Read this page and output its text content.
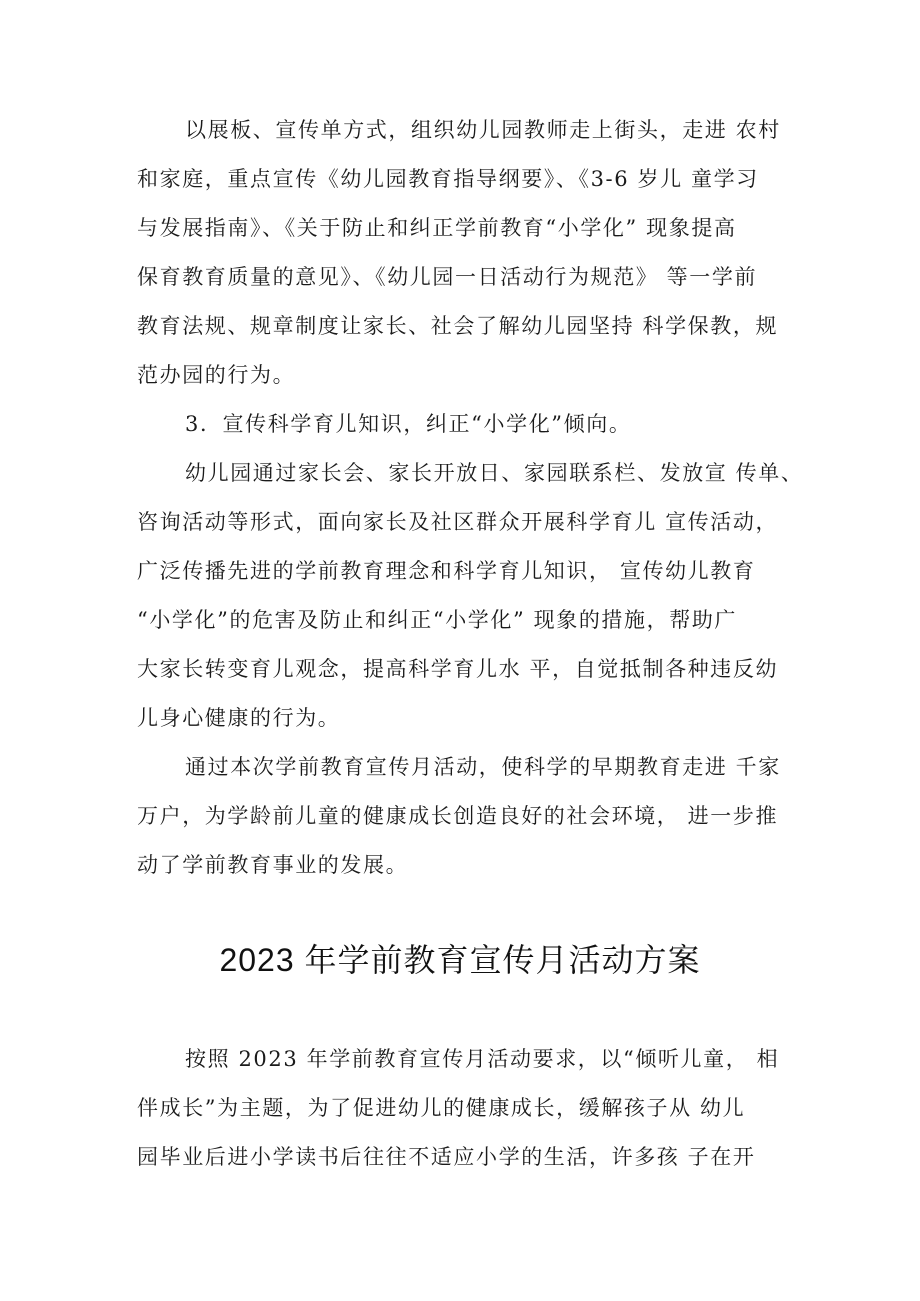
以展板、宣传单方式，组织幼儿园教师走上街头，走进 农村
和家庭，重点宣传《幼儿园教育指导纲要》、《3-6 岁儿 童学习
与发展指南》、《关于防止和纠正学前教育“小学化” 现象提高
保育教育质量的意见》、《幼儿园一日活动行为规范》 等一学前
教育法规、规章制度让家长、社会了解幼儿园坚持 科学保教，规
范办园的行为。
3．宣传科学育儿知识，纠正“小学化”倾向。
幼儿园通过家长会、家长开放日、家园联系栏、发放宣 传单、
咨询活动等形式，面向家长及社区群众开展科学育儿 宣传活动，
广泛传播先进的学前教育理念和科学育儿知识， 宣传幼儿教育
“小学化”的危害及防止和纠正“小学化” 现象的措施，帮助广
大家长转变育儿观念，提高科学育儿水 平，自觉抵制各种违反幼
儿身心健康的行为。
通过本次学前教育宣传月活动，使科学的早期教育走进 千家
万户，为学龄前儿童的健康成长创造良好的社会环境， 进一步推
动了学前教育事业的发展。
2023 年学前教育宣传月活动方案
按照 2023 年学前教育宣传月活动要求，以“倾听儿童， 相
伴成长”为主题，为了促进幼儿的健康成长，缓解孩子从 幼儿
园毕业后进小学读书后往往不适应小学的生活，许多孩 子在开
